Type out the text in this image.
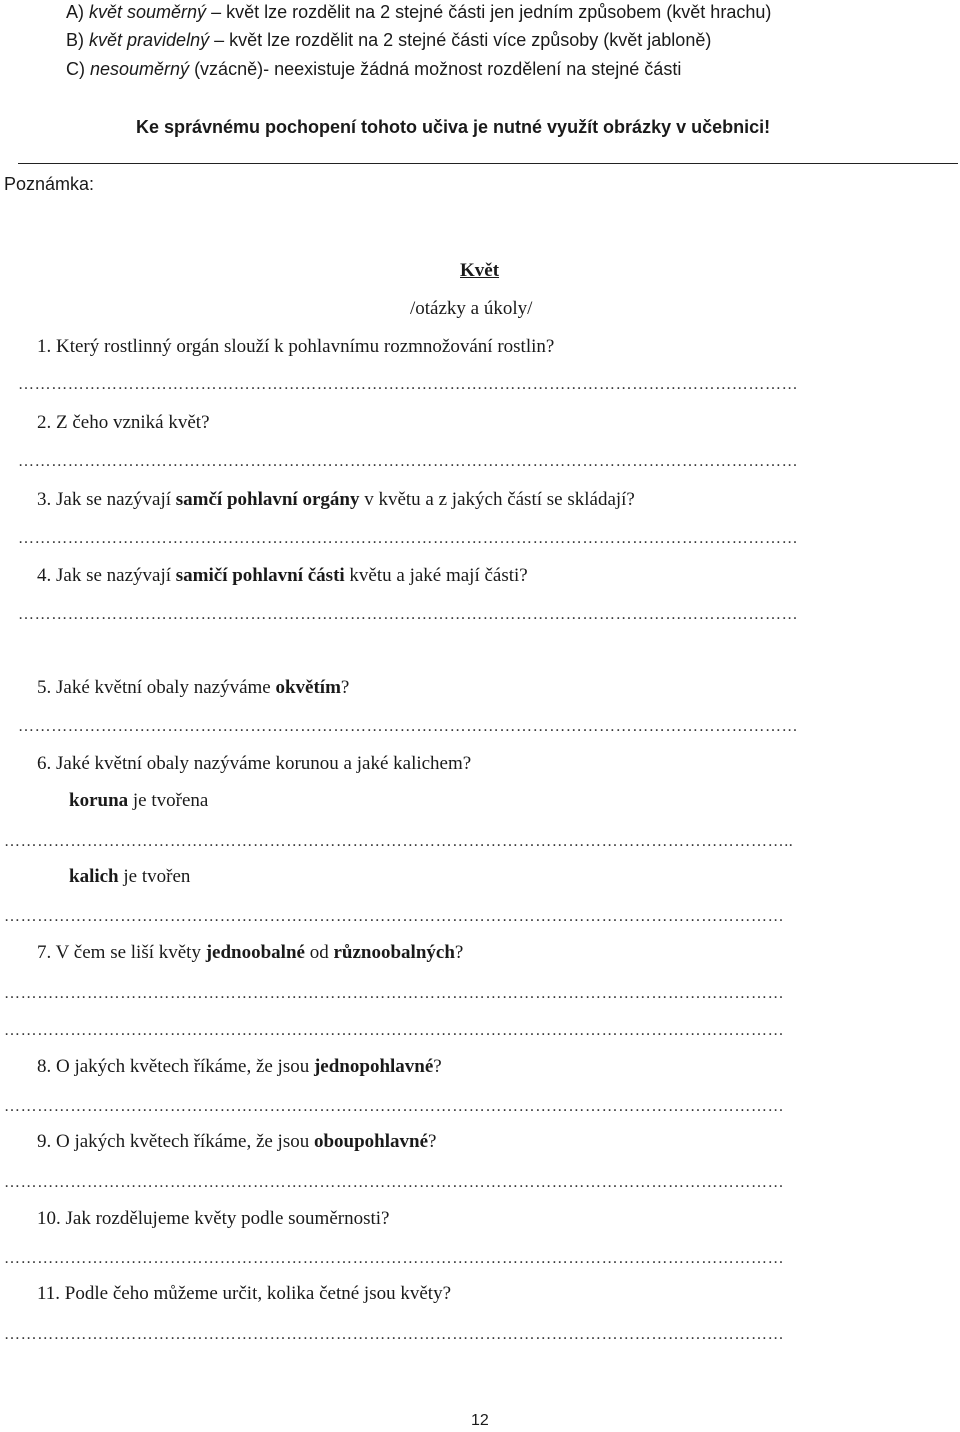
A) květ souměrný – květ lze rozdělit na 2 stejné části jen jedním způsobem (květ hrachu)
B) květ pravidelný – květ lze rozdělit na 2 stejné části více způsoby (květ jabloně)
C) nesouměrný (vzácně)- neexistuje žádná možnost rozdělení na stejné části
Ke správnému pochopení tohoto učiva je nutné využít obrázky v učebnici!
Poznámka:
Květ
/otázky a úkoly/
1. Který rostlinný orgán slouží k pohlavnímu rozmnožování rostlin?
……………………………………………………………………………………………………………………………
2. Z čeho vzniká květ?
……………………………………………………………………………………………………………………………
3. Jak se nazývají samčí pohlavní orgány v květu a z jakých částí se skládají?
……………………………………………………………………………………………………………………………
4. Jak se nazývají samičí pohlavní části květu a jaké mají části?
……………………………………………………………………………………………………………………………
5. Jaké květní obaly nazýváme okvětím?
……………………………………………………………………………………………………………………………
6. Jaké květní obaly nazýváme korunou a jaké kalichem?
koruna je tvořena
……………………………………………………………………………………………………………………………..
kalich je tvořen
……………………………………………………………………………………………………………………………
7. V čem se liší květy jednoobalné od různoobalných?
……………………………………………………………………………………………………………………………
……………………………………………………………………………………………………………………………
8. O jakých květech říkáme, že jsou jednopohlavné?
……………………………………………………………………………………………………………………………
9. O jakých květech říkáme, že jsou oboupohlavné?
……………………………………………………………………………………………………………………………
10. Jak rozdělujeme květy podle souměrnosti?
……………………………………………………………………………………………………………………………
11. Podle čeho můžeme určit, kolika četné jsou květy?
……………………………………………………………………………………………………………………………
12
